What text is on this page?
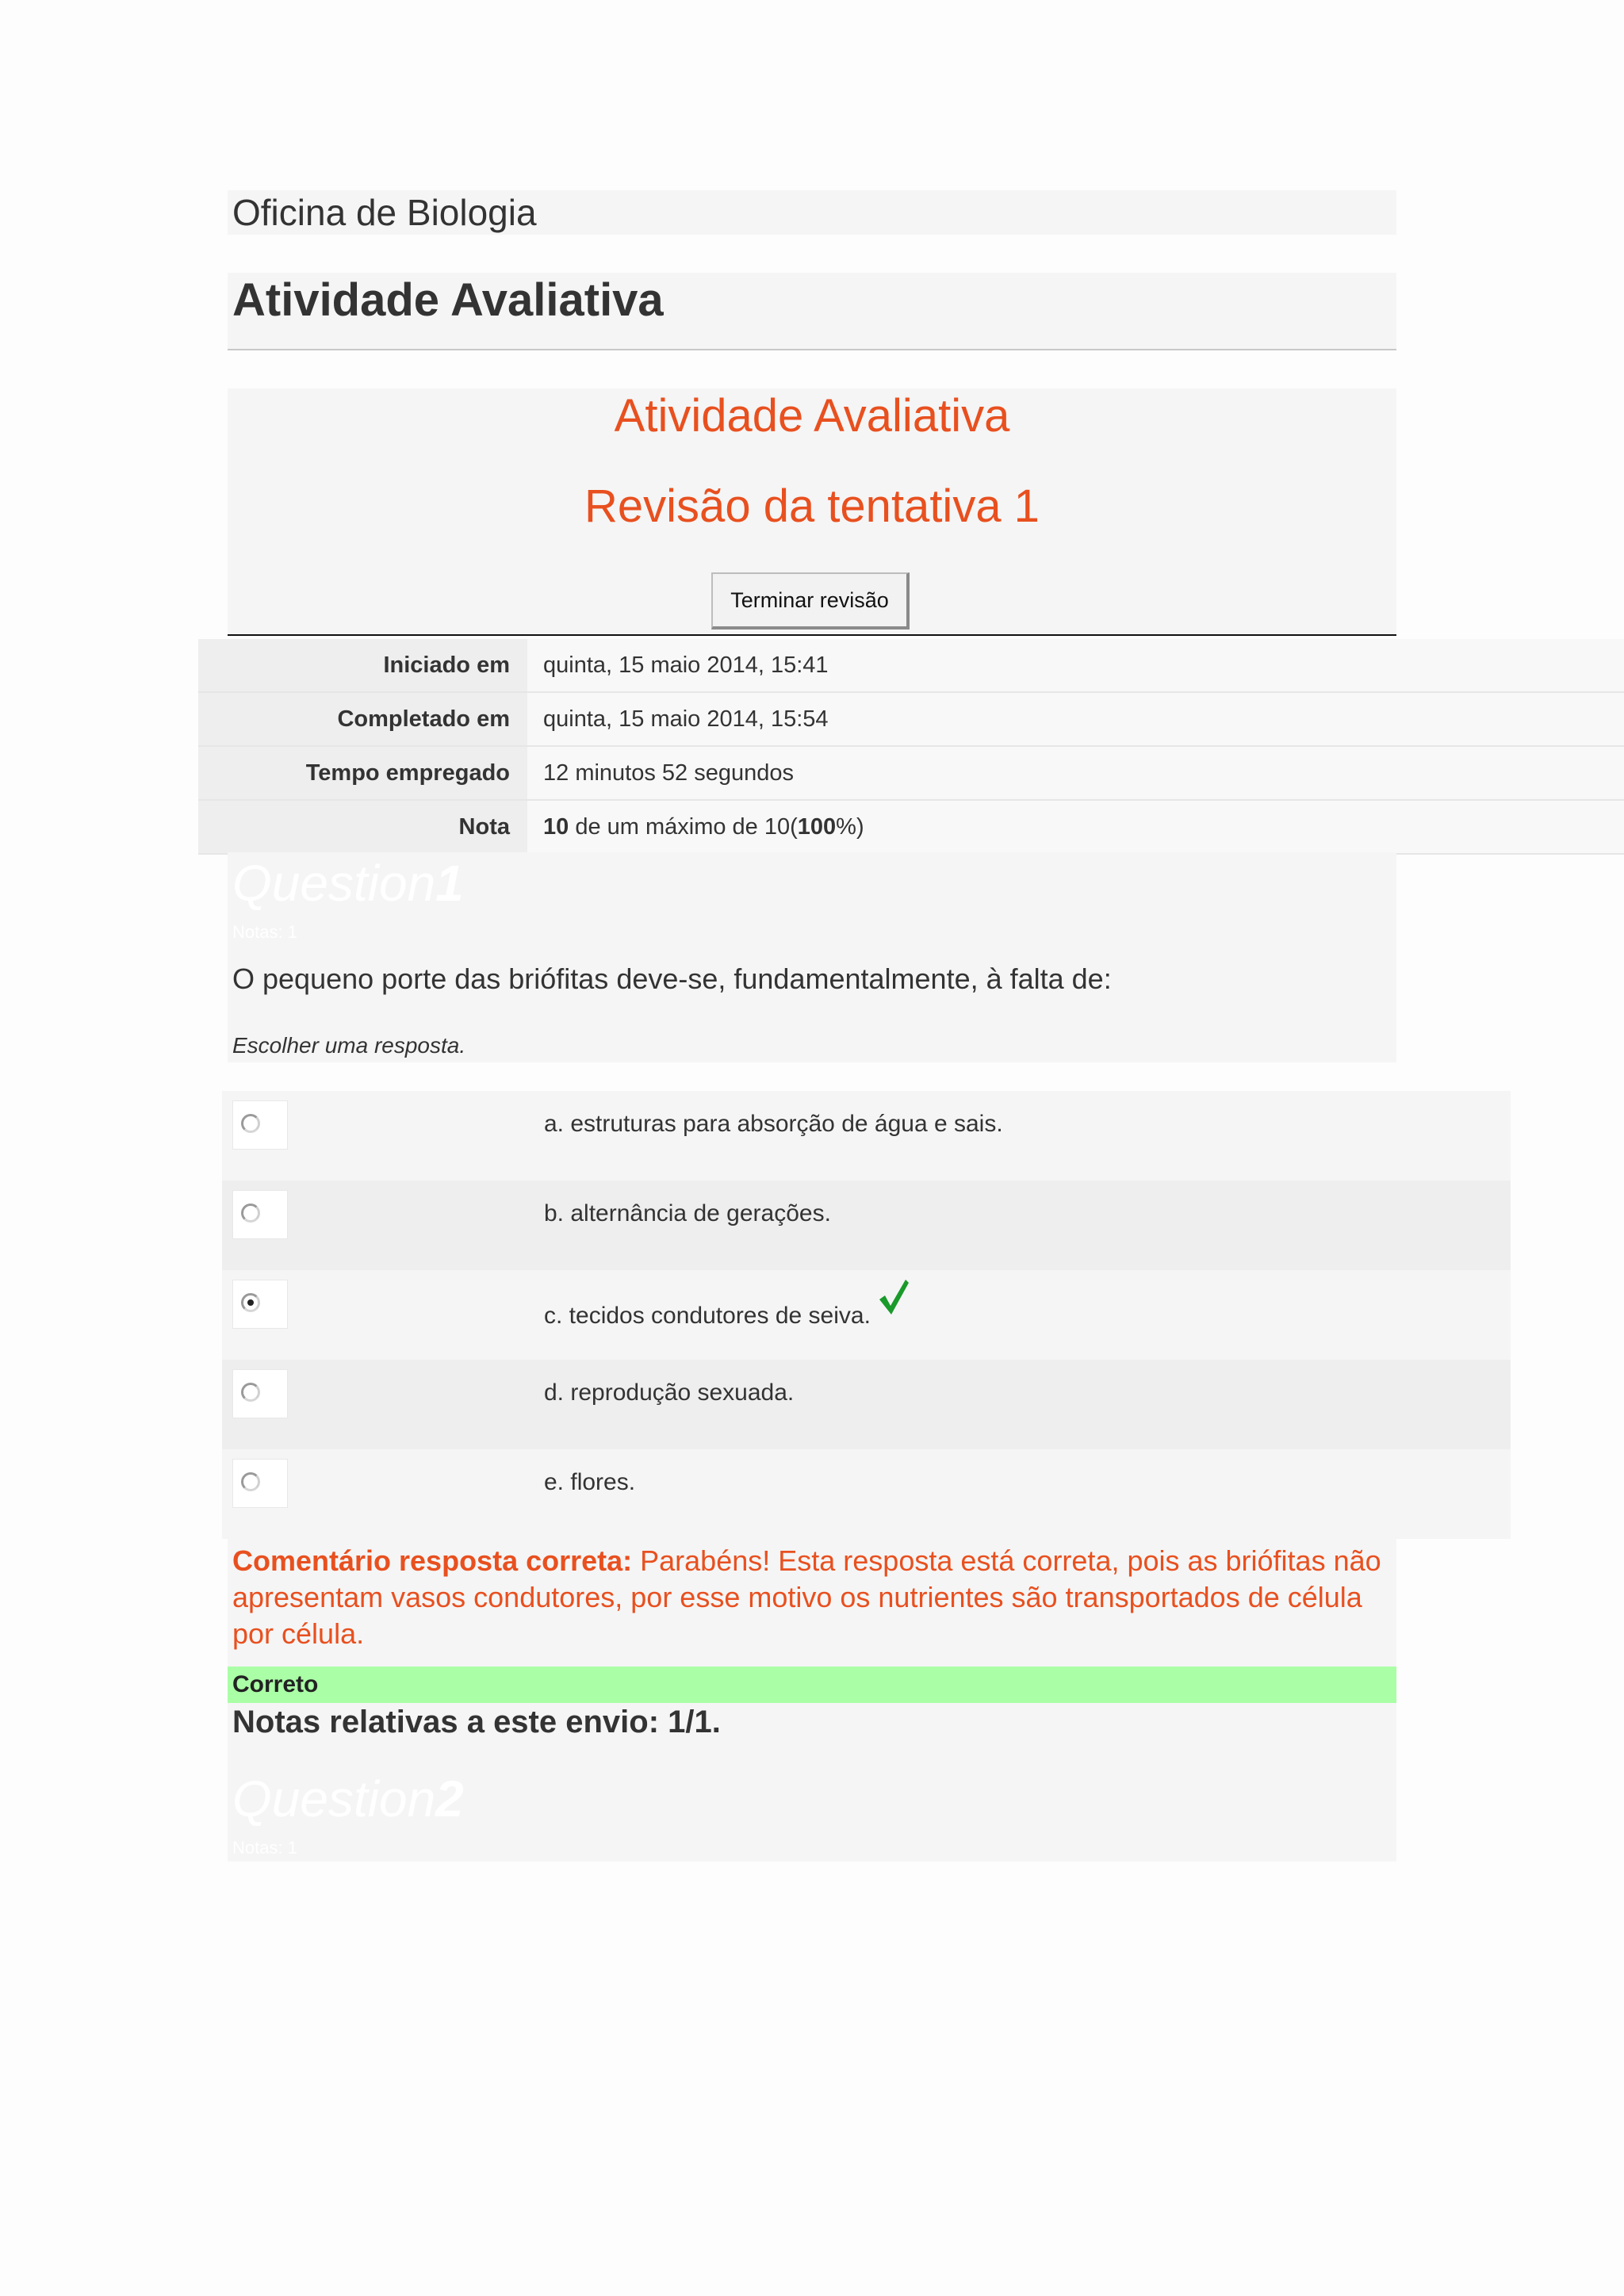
Oficina de Biologia
Atividade Avaliativa
Atividade Avaliativa
Revisão da tentativa 1
Terminar revisão
Iniciado em	quinta, 15 maio 2014, 15:41
Completado em	quinta, 15 maio 2014, 15:54
Tempo empregado	12 minutos 52 segundos
Nota	10 de um máximo de 10(100%)
Question1
Notas: 1
O pequeno porte das briófitas deve-se, fundamentalmente, à falta de:
Escolher uma resposta.
a. estruturas para absorção de água e sais.
b. alternância de gerações.
c. tecidos condutores de seiva.
d. reprodução sexuada.
e. flores.

Comentário resposta correta: Parabéns! Esta resposta está correta, pois as briófitas não apresentam vasos condutores, por esse motivo os nutrientes são transportados de célula por célula.

Correto
Notas relativas a este envio: 1/1.
Question2
Notas: 1
